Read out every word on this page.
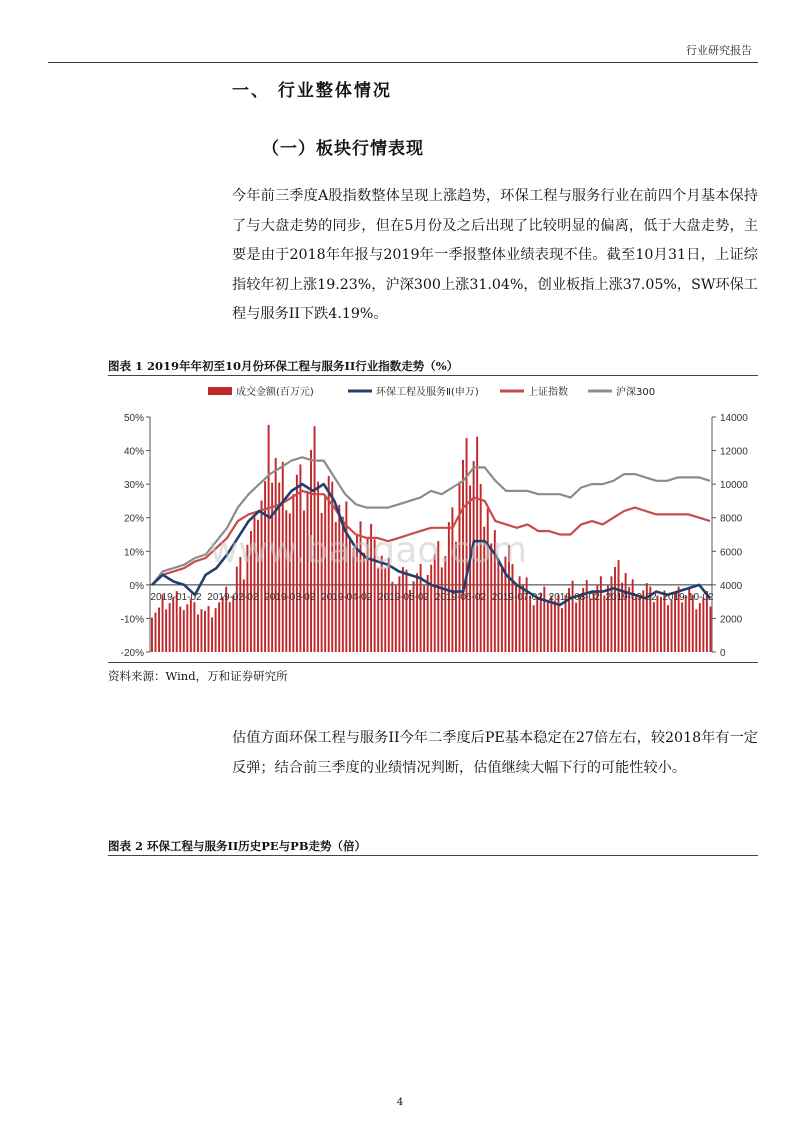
行业研究报告
一、 行业整体情况
（一）板块行情表现
今年前三季度A股指数整体呈现上涨趋势，环保工程与服务行业在前四个月基本保持了与大盘走势的同步，但在5月份及之后出现了比较明显的偏离，低于大盘走势，主要是由于2018年年报与2019年一季报整体业绩表现不佳。截至10月31日，上证综指较年初上涨19.23%，沪深300上涨31.04%，创业板指上涨37.05%，SW环保工程与服务II下跌4.19%。
图表 1 2019年年初至10月份环保工程与服务II行业指数走势（%）
成交金额(百万元)	环保工程及服务Ⅱ(申万)	上证指数	沪深300
50%
40%
30%
20%
10%
0%
-10%
-20%
14000
12000
10000
8000
6000
4000
2000
0
2019-01-02 2019-02-02 2019-03-02 2019-04-02 2019-05-02 2019-06-02 2019-07-02 2019-08-02 2019-09-02 2019-10-02
www.baogao.com
资料来源：Wind，万和证券研究所
估值方面环保工程与服务II今年二季度后PE基本稳定在27倍左右，较2018年有一定反弹；结合前三季度的业绩情况判断，估值继续大幅下行的可能性较小。
图表 2 环保工程与服务II历史PE与PB走势（倍）
4
